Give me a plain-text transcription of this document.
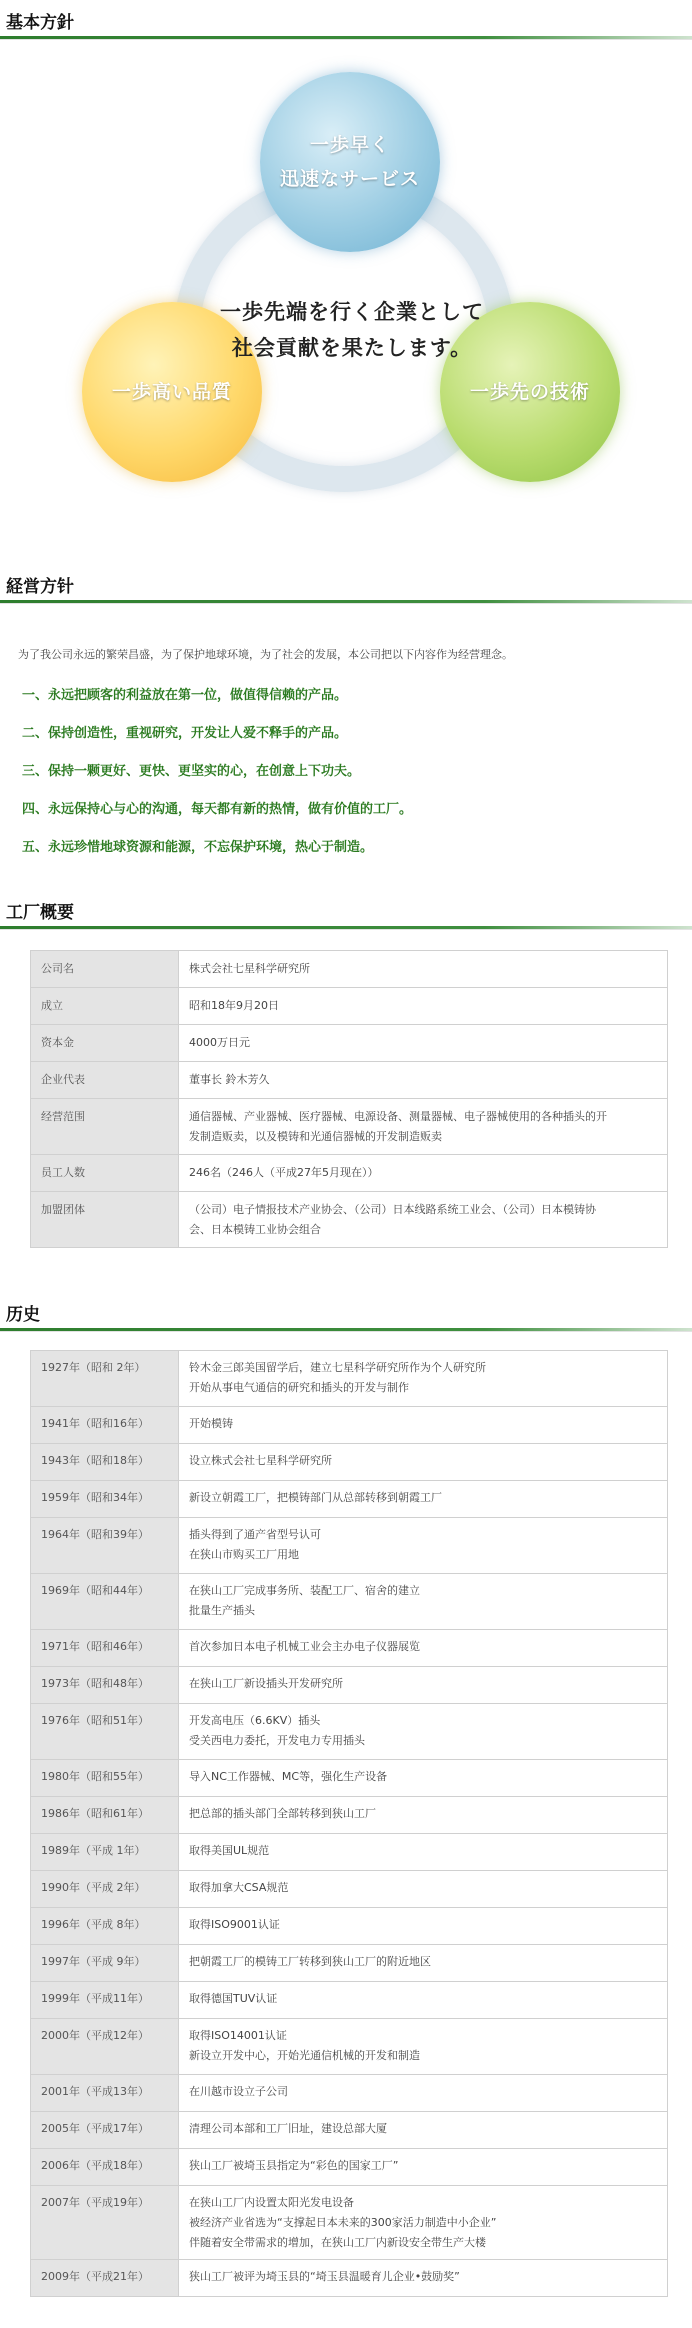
基本方針
一歩早く
迅速なサービス
一歩高い品質	一歩先の技術
一歩先端を行く企業として
社会貢献を果たします。
経営方针
为了我公司永远的繁荣昌盛，为了保护地球环境，为了社会的发展，本公司把以下内容作为经营理念。
一、永远把顾客的利益放在第一位，做值得信赖的产品。
二、保持创造性，重视研究，开发让人爱不释手的产品。
三、保持一颗更好、更快、更坚实的心，在创意上下功夫。
四、永远保持心与心的沟通，每天都有新的热情，做有价值的工厂。
五、永远珍惜地球资源和能源，不忘保护环境，热心于制造。
工厂概要
公司名	株式会社七星科学研究所

成立	昭和18年9月20日

资本金	4000万日元

企业代表	董事长 鈴木芳久

经营范围	通信器械、产业器械、医疗器械、电源设备、测量器械、电子器械使用的各种插头的开
发制造贩卖，以及模铸和光通信器械的开发制造贩卖

员工人数	246名（246人（平成27年5月现在））

加盟团体	（公司）电子情报技术产业协会、（公司）日本线路系统工业会、（公司）日本模铸协
会、日本模铸工业协会组合
历史
1927年（昭和 2年）	铃木金三郎美国留学后，建立七星科学研究所作为个人研究所
开始从事电气通信的研究和插头的开发与制作

1941年（昭和16年）	开始模铸

1943年（昭和18年）	设立株式会社七星科学研究所

1959年（昭和34年）	新设立朝霞工厂，把模铸部门从总部转移到朝霞工厂

1964年（昭和39年）	插头得到了通产省型号认可
在狭山市购买工厂用地

1969年（昭和44年）	在狭山工厂完成事务所、装配工厂、宿舍的建立
批量生产插头

1971年（昭和46年）	首次参加日本电子机械工业会主办电子仪器展览

1973年（昭和48年）	在狭山工厂新设插头开发研究所

1976年（昭和51年）	开发高电压（6.6KV）插头
受关西电力委托，开发电力专用插头

1980年（昭和55年）	导入NC工作器械、MC等，强化生产设备

1986年（昭和61年）	把总部的插头部门全部转移到狭山工厂

1989年（平成 1年）	取得美国UL规范

1990年（平成 2年）	取得加拿大CSA规范

1996年（平成 8年）	取得ISO9001认证

1997年（平成 9年）	把朝霞工厂的模铸工厂转移到狭山工厂的附近地区

1999年（平成11年）	取得德国TUV认证

2000年（平成12年）	取得ISO14001认证
新设立开发中心，开始光通信机械的开发和制造

2001年（平成13年）	在川越市设立子公司

2005年（平成17年）	清理公司本部和工厂旧址，建设总部大厦

2006年（平成18年）	狭山工厂被埼玉县指定为“彩色的国家工厂”

2007年（平成19年）	在狭山工厂内设置太阳光发电设备
被经济产业省选为“支撑起日本未来的300家活力制造中小企业”
伴随着安全带需求的增加，在狭山工厂内新设安全带生产大楼

2009年（平成21年）	狭山工厂被评为埼玉县的“埼玉县温暖育儿企业•鼓励奖”
